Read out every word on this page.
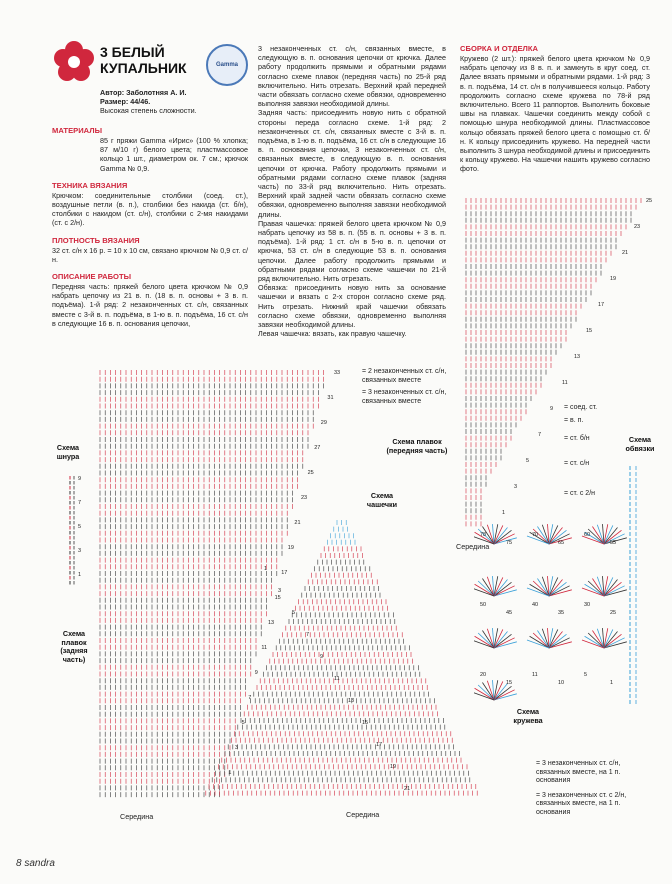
3 БЕЛЫЙ
КУПАЛЬНИК	Gamma

Автор: Заболотняя А. И.

Размер: 44/46.

Высокая степень сложности.

МАТЕРИАЛЫ

85 г пряжи Gamma «Ирис» (100 % хлопка; 87 м/10 г) белого цвета; пластмассовое кольцо 1 шт., диаметром ок. 7 см.; крючок Gamma № 0,9.

ТЕХНИКА ВЯЗАНИЯ

Крючком: соединительные столбики (соед. ст.), воздушные петли (в. п.), столбики без накида (ст. б/н), столбики с накидом (ст. с/н), столбики с 2-мя накидами (ст. с 2/н).

ПЛОТНОСТЬ ВЯЗАНИЯ

32 ст. с/н х 16 р. = 10 х 10 см, связано крючком № 0,9 ст. с/н.

ОПИСАНИЕ РАБОТЫ

Передняя часть: пряжей белого цвета крючком № 0,9 набрать цепочку из 21 в. п. (18 в. п. основы + 3 в. п. подъёма). 1-й ряд: 2 незаконченных ст. с/н, связанных вместе с 3-й в. п. подъёма, в 1-ю в. п. подъёма, 16 ст. с/н в следующие 16 в. п. основания цепочки,

3 незаконченных ст. с/н, связанных вместе, в следующую в. п. основания цепочки от крючка. Далее работу продолжить прямыми и обратными рядами согласно схеме плавок (передняя часть) по 25-й ряд включительно. Нить отрезать. Верхний край передней части обвязать согласно схеме обвязки, одновременно выполняя завязки необходимой длины.

Задняя часть: присоединить новую нить с обратной стороны переда согласно схеме. 1-й ряд: 2 незаконченных ст. с/н, связанных вместе с 3-й в. п. подъёма, в 1-ю в. п. подъёма, 16 ст. с/н в следующие 16 в. п. основания цепочки, 3 незаконченных ст. с/н, связанных вместе, в следующую в. п. основания цепочки от крючка. Работу продолжить прямыми и обратными рядами согласно схеме плавок (задняя часть) по 33-й ряд включительно. Нить отрезать. Верхний край задней части обвязать согласно схеме обвязки, одновременно выполняя завязки необходимой длины.

Правая чашечка: пряжей белого цвета крючком № 0,9 набрать цепочку из 58 в. п. (55 в. п. основы + 3 в. п. подъёма). 1-й ряд: 1 ст. с/н в 5-ю в. п. цепочки от крючка, 53 ст. с/н в следующие 53 в. п. основания цепочки. Далее работу продолжить прямыми и обратными рядами согласно схеме чашечки по 21-й ряд включительно. Нить отрезать.

Обвязка: присоединить новую нить за основание чашечки и вязать с 2-х сторон согласно схеме ряд. Нить отрезать. Нижний край чашечки обвязать согласно схеме обвязки, одновременно выполняя завязки необходимой длины.

Левая чашечка: вязать, как правую чашечку.

СБОРКА И ОТДЕЛКА

Кружево (2 шт.): пряжей белого цвета крючком № 0,9 набрать цепочку из 8 в. п. и замкнуть в круг соед. ст. Далее вязать прямыми и обратными рядами. 1-й ряд: 3 в. п. подъёма, 14 ст. с/н в получившееся кольцо. Работу продолжить согласно схеме кружева по 78-й ряд включительно. Всего 11 раппортов. Выполнить боковые швы на плавках. Чашечки соединить между собой с помощью шнура необходимой длины. Пластмассовое кольцо обвязать пряжей белого цвета с помощью ст. б/н. К кольцу присоединить кружево. На передней части выполнить 3 шнура необходимой длины и присоединить к кольцу кружево. На чашечки нашить кружево согласно фото.

33
31
29
27
25
23
21
19
17
15
13
11
9
7
5
3
1
Схема плавок (задняя часть)
Середина
Схема шнура
9
7
5
3
1
21
19
17
15
13
11
9
7
5
3
1
Схема чашечки
Середина
= 2 незаконченных ст. с/н, связанных вместе
= 3 незаконченных ст. с/н, связанных вместе
25
23
21
19
17
15
13
11
9
7
5
3
1
Схема плавок (передняя часть)
Середина
= соед. ст.
= в. п.
= ст. б/н
= ст. с/н
= ст. с 2/н
Схема обвязки
78
75
70
65
60
55
50
45
40
35
30
25
20
15
11
10
5
1
Схема кружева
= 3 незаконченных ст. с/н, связанных вместе, на 1 п. основания
= 3 незаконченных ст. с 2/н, связанных вместе, на 1 п. основания
8 sandra
